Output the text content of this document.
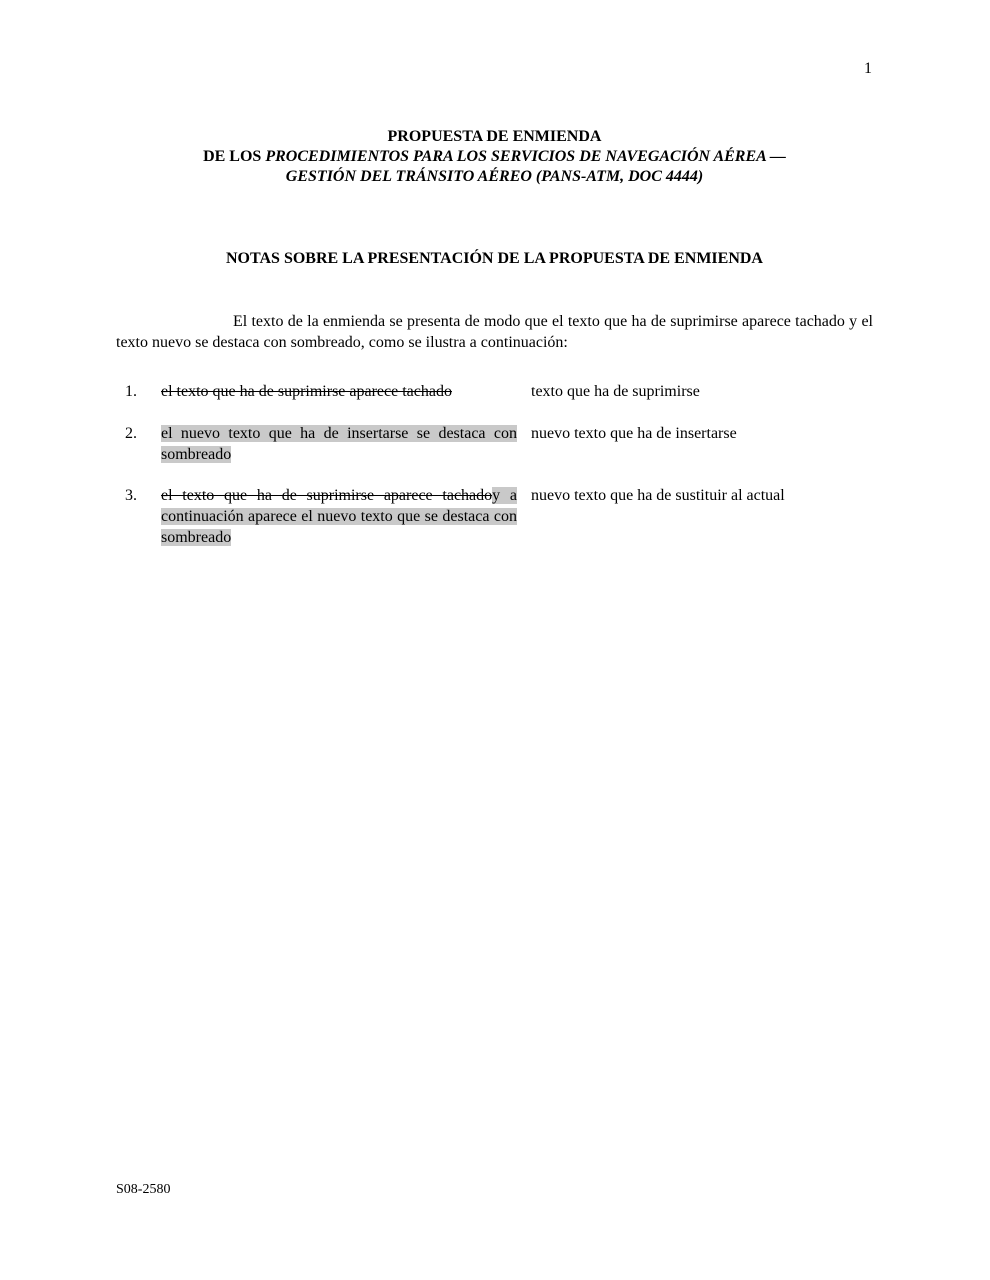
1
PROPUESTA DE ENMIENDA
DE LOS PROCEDIMIENTOS PARA LOS SERVICIOS DE NAVEGACIÓN AÉREA —
GESTIÓN DEL TRÁNSITO AÉREO (PANS-ATM, DOC 4444)
NOTAS SOBRE LA PRESENTACIÓN DE LA PROPUESTA DE ENMIENDA
El texto de la enmienda se presenta de modo que el texto que ha de suprimirse aparece tachado y el texto nuevo se destaca con sombreado, como se ilustra a continuación:
1. el texto que ha de suprimirse aparece tachado	texto que ha de suprimirse
2. el nuevo texto que ha de insertarse se destaca con sombreado
nuevo texto que ha de insertarse
3. el texto que ha de suprimirse aparece tachadoy a continuación aparece el nuevo texto que se destaca con sombreado
nuevo texto que ha de sustituir al actual
S08-2580
